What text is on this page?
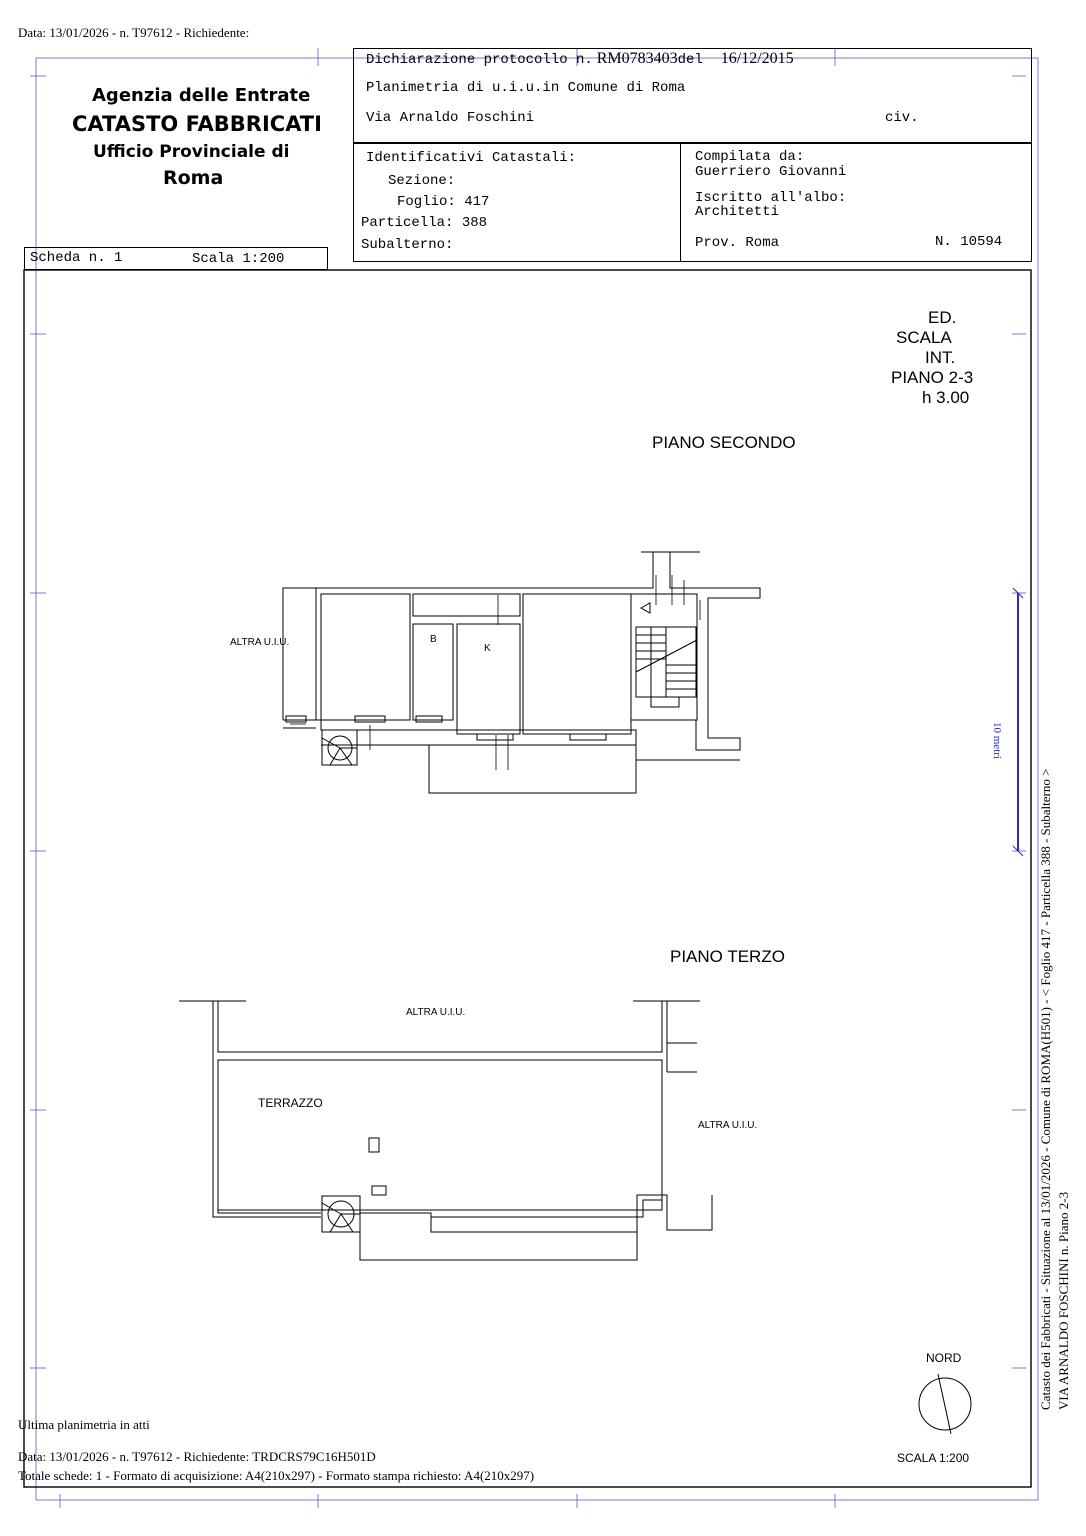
Data: 13/01/2026 - n. T97612 - Richiedente:
Agenzia delle Entrate
CATASTO FABBRICATI
Ufficio Provinciale di
Roma
Dichiarazione protocollo n. RM0783403del 16/12/2015
Planimetria di u.i.u.in Comune di Roma
Via Arnaldo Foschini	civ.
Identificativi Catastali:
Sezione:
Foglio: 417
Particella: 388
Subalterno:
Compilata da:
Guerriero Giovanni
Iscritto all'albo:
Architetti
Prov. Roma	N. 10594
Scheda n. 1	Scala 1:200
ED.
SCALA
INT.
PIANO 2-3
h 3.00
PIANO SECONDO
PIANO TERZO
ALTRA U.I.U.	B
K
ALTRA U.I.U.
TERRAZZO
ALTRA U.I.U.
10 metri
NORD
SCALA 1:200
Catasto dei Fabbricati - Situazione al 13/01/2026 - Comune di ROMA(H501) - < Foglio 417 - Particella 388 - Subalterno > VIA ARNALDO FOSCHINI n. Piano 2-3
Ultima planimetria in atti
Data: 13/01/2026 - n. T97612 - Richiedente: TRDCRS79C16H501D
Totale schede: 1 - Formato di acquisizione: A4(210x297) - Formato stampa richiesto: A4(210x297)
